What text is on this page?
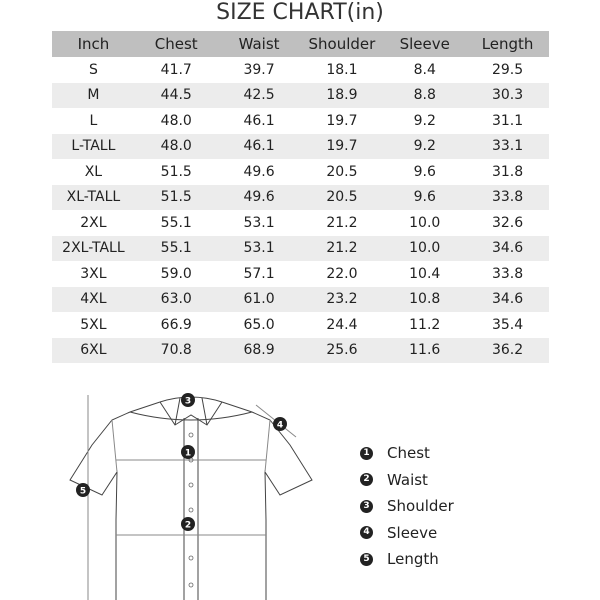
SIZE CHART(in)
Inch	Chest	Waist	Shoulder	Sleeve	Length
S	41.7	39.7	18.1	8.4	29.5
M	44.5	42.5	18.9	8.8	30.3
L	48.0	46.1	19.7	9.2	31.1
L-TALL	48.0	46.1	19.7	9.2	33.1
XL	51.5	49.6	20.5	9.6	31.8
XL-TALL	51.5	49.6	20.5	9.6	33.8
2XL	55.1	53.1	21.2	10.0	32.6
2XL-TALL	55.1	53.1	21.2	10.0	34.6
3XL	59.0	57.1	22.0	10.4	33.8
4XL	63.0	61.0	23.2	10.8	34.6
5XL	66.9	65.0	24.4	11.2	35.4
6XL	70.8	68.9	25.6	11.6	36.2
1
2
3
4
5
1 Chest
2 Waist
3 Shoulder
4 Sleeve
5 Length
